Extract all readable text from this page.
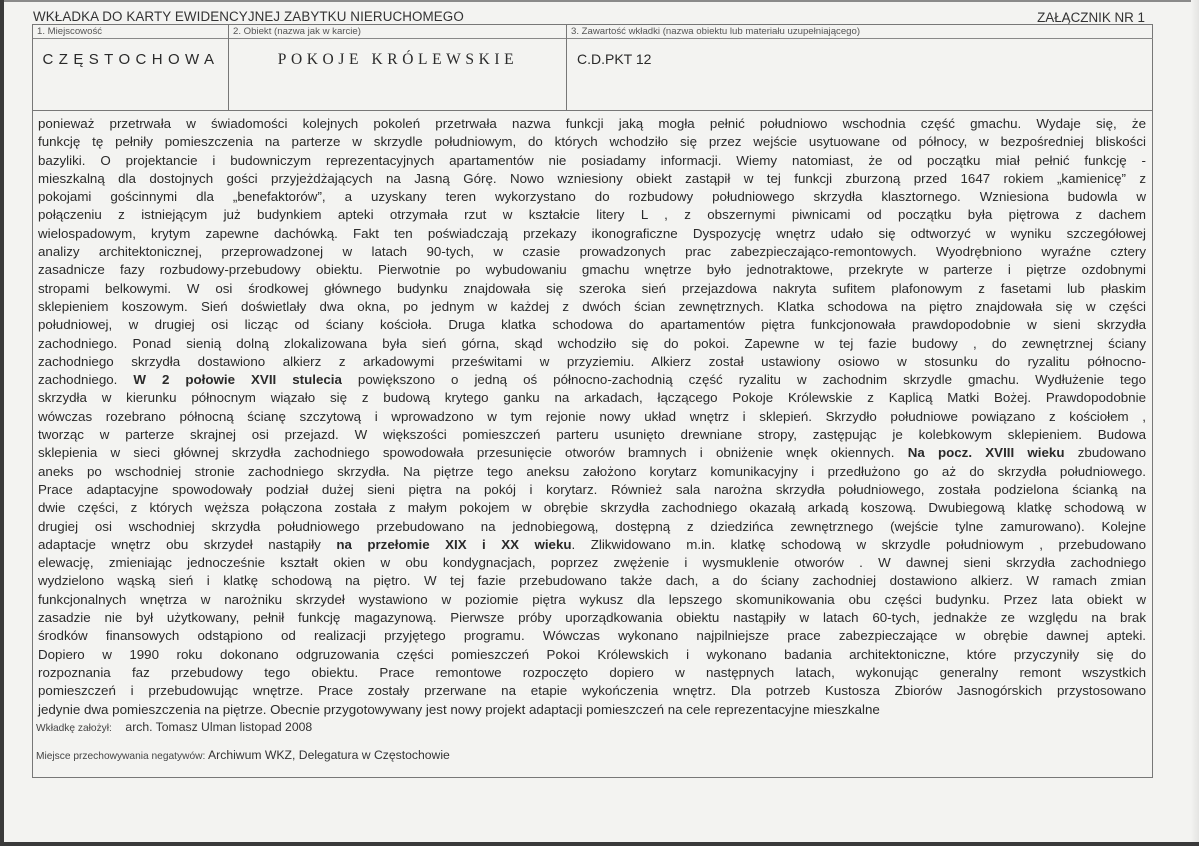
WKŁADKA DO KARTY EWIDENCYJNEJ ZABYTKU NIERUCHOMEGO	ZAŁĄCZNIK NR 1
1. Miejscowość
CZĘSTOCHOWA
2. Obiekt (nazwa jak w karcie)
POKOJE KRÓLEWSKIE
3. Zawartość wkładki (nazwa obiektu lub materiału uzupełniającego)
C.D.PKT 12
ponieważ przetrwała w świadomości kolejnych pokoleń przetrwała nazwa funkcji jaką mogła pełnić południowo wschodnia część gmachu. Wydaje się, że
funkcję tę pełniły pomieszczenia na parterze w skrzydle południowym, do których wchodziło się przez wejście usytuowane od północy, w bezpośredniej bliskości
bazyliki. O projektancie i budowniczym reprezentacyjnych apartamentów nie posiadamy informacji. Wiemy natomiast, że od początku miał pełnić funkcję -
mieszkalną dla dostojnych gości przyjeżdżających na Jasną Górę. Nowo wzniesiony obiekt zastąpił w tej funkcji zburzoną przed 1647 rokiem „kamienicę” z
pokojami gościnnymi dla „benefaktorów”, a uzyskany teren wykorzystano do rozbudowy południowego skrzydła klasztornego. Wzniesiona budowla w
połączeniu z istniejącym już budynkiem apteki otrzymała rzut w kształcie litery L , z obszernymi piwnicami od początku była piętrowa z dachem
wielospadowym, krytym zapewne dachówką. Fakt ten poświadczają przekazy ikonograficzne Dyspozycję wnętrz udało się odtworzyć w wyniku szczegółowej
analizy architektonicznej, przeprowadzonej w latach 90-tych, w czasie prowadzonych prac zabezpieczająco-remontowych. Wyodrębniono wyraźne cztery
zasadnicze fazy rozbudowy-przebudowy obiektu. Pierwotnie po wybudowaniu gmachu wnętrze było jednotraktowe, przekryte w parterze i piętrze ozdobnymi
stropami belkowymi. W osi środkowej głównego budynku znajdowała się szeroka sień przejazdowa nakryta sufitem plafonowym z fasetami lub płaskim
sklepieniem koszowym. Sień doświetlały dwa okna, po jednym w każdej z dwóch ścian zewnętrznych. Klatka schodowa na piętro znajdowała się w części
południowej, w drugiej osi licząc od ściany kościoła. Druga klatka schodowa do apartamentów piętra funkcjonowała prawdopodobnie w sieni skrzydła
zachodniego. Ponad sienią dolną zlokalizowana była sień górna, skąd wchodziło się do pokoi. Zapewne w tej fazie budowy , do zewnętrznej ściany
zachodniego skrzydła dostawiono alkierz z arkadowymi prześwitami w przyziemiu. Alkierz został ustawiony osiowo w stosunku do ryzalitu północno-
zachodniego. W 2 połowie XVII stulecia powiększono o jedną oś północno-zachodnią część ryzalitu w zachodnim skrzydle gmachu. Wydłużenie tego
skrzydła w kierunku północnym wiązało się z budową krytego ganku na arkadach, łączącego Pokoje Królewskie z Kaplicą Matki Bożej. Prawdopodobnie
wówczas rozebrano północną ścianę szczytową i wprowadzono w tym rejonie nowy układ wnętrz i sklepień. Skrzydło południowe powiązano z kościołem ,
tworząc w parterze skrajnej osi przejazd. W większości pomieszczeń parteru usunięto drewniane stropy, zastępując je kolebkowym sklepieniem. Budowa
sklepienia w sieci głównej skrzydła zachodniego spowodowała przesunięcie otworów bramnych i obniżenie wnęk okiennych. Na pocz. XVIII wieku zbudowano
aneks po wschodniej stronie zachodniego skrzydła. Na piętrze tego aneksu założono korytarz komunikacyjny i przedłużono go aż do skrzydła południowego.
Prace adaptacyjne spowodowały podział dużej sieni piętra na pokój i korytarz. Również sala narożna skrzydła południowego, została podzielona ścianką na
dwie części, z których węższa połączona została z małym pokojem w obrębie skrzydła zachodniego okazałą arkadą koszową. Dwubiegową klatkę schodową w
drugiej osi wschodniej skrzydła południowego przebudowano na jednobiegową, dostępną z dziedzińca zewnętrznego (wejście tylne zamurowano). Kolejne
adaptacje wnętrz obu skrzydeł nastąpiły na przełomie XIX i XX wieku. Zlikwidowano m.in. klatkę schodową w skrzydle południowym , przebudowano
elewację, zmieniając jednocześnie kształt okien w obu kondygnacjach, poprzez zwężenie i wysmuklenie otworów . W dawnej sieni skrzydła zachodniego
wydzielono wąską sień i klatkę schodową na piętro. W tej fazie przebudowano także dach, a do ściany zachodniej dostawiono alkierz. W ramach zmian
funkcjonalnych wnętrza w narożniku skrzydeł wystawiono w poziomie piętra wykusz dla lepszego skomunikowania obu części budynku. Przez lata obiekt w
zasadzie nie był użytkowany, pełnił funkcję magazynową. Pierwsze próby uporządkowania obiektu nastąpiły w latach 60-tych, jednakże ze względu na brak
środków finansowych odstąpiono od realizacji przyjętego programu. Wówczas wykonano najpilniejsze prace zabezpieczające w obrębie dawnej apteki.
Dopiero w 1990 roku dokonano odgruzowania części pomieszczeń Pokoi Królewskich i wykonano badania architektoniczne, które przyczyniły się do
rozpoznania faz przebudowy tego obiektu. Prace remontowe rozpoczęto dopiero w następnych latach, wykonując generalny remont wszystkich
pomieszczeń i przebudowując wnętrze. Prace zostały przerwane na etapie wykończenia wnętrz. Dla potrzeb Kustosza Zbiorów Jasnogórskich przystosowano
jedynie dwa pomieszczenia na piętrze. Obecnie przygotowywany jest nowy projekt adaptacji pomieszczeń na cele reprezentacyjne mieszkalne
Wkładkę założył: arch. Tomasz Ulman listopad 2008
Miejsce przechowywania negatywów: Archiwum WKZ, Delegatura w Częstochowie
